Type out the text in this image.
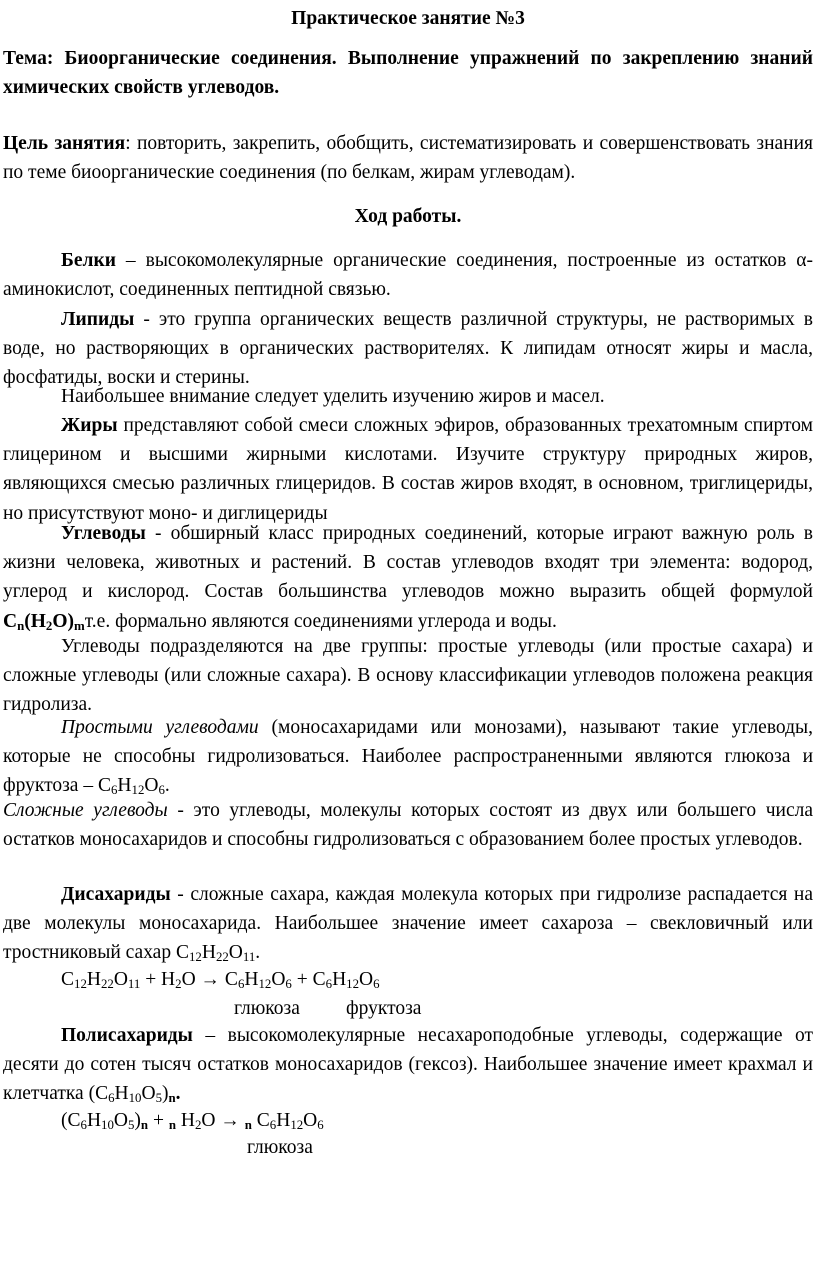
Практическое занятие №3
Тема: Биоорганические соединения. Выполнение упражнений по закреплению знаний химических свойств углеводов.
Цель занятия: повторить, закрепить, обобщить, систематизировать и совершенствовать знания по теме биоорганические соединения (по белкам, жирам углеводам).
Ход работы.
Белки – высокомолекулярные органические соединения, построенные из остатков α-аминокислот, соединенных пептидной связью.
Липиды - это группа органических веществ различной структуры, не растворимых в воде, но растворяющих в органических растворителях. К липидам относят жиры и масла, фосфатиды, воски и стерины.
Наибольшее внимание следует уделить изучению жиров и масел.
Жиры представляют собой смеси сложных эфиров, образованных трехатомным спиртом глицерином и высшими жирными кислотами. Изучите структуру природных жиров, являющихся смесью различных глицеридов. В состав жиров входят, в основном, триглицериды, но присутствуют моно- и диглицериды
Углеводы - обширный класс природных соединений, которые играют важную роль в жизни человека, животных и растений. В состав углеводов входят три элемента: водород, углерод и кислород. Состав большинства углеводов можно выразить общей формулой $C_n(H_2O)_mт.е$. формально являются соединениями углерода и воды.
Углеводы подразделяются на две группы: простые углеводы (или простые сахара) и сложные углеводы (или сложные сахара). В основу классификации углеводов положена реакция гидролиза.
Простыми углеводами (моносахаридами или монозами), называют такие углеводы, которые не способны гидролизоваться. Наиболее распространенными являются глюкоза и фруктоза – $C_6H_{12}O_6$.
Сложные углеводы - это углеводы, молекулы которых состоят из двух или большего числа остатков моносахаридов и способны гидролизоваться с образованием более простых углеводов.
Дисахариды - сложные сахара, каждая молекула которых при гидролизе распадается на две молекулы моносахарида. Наибольшее значение имеет сахароза – свекловичный или тростниковый сахар $C_{12}H_{22}O_{11}$.
$C_{12}H_{22}O_{11} + H_2O \to C_6H_{12}O_6 + C_6H_{12}O_6$
глюкоза фруктоза
Полисахариды – высокомолекулярные несахароподобные углеводы, содержащие от десяти до сотен тысяч остатков моносахаридов (гексоз). Наибольшее значение имеет крахмал и клетчатка $(C_6H_{10}O_5)_n$.
$(C_6H_{10}O_5)_n + _n$ $H_2O \to _n$ $C_6H_{12}O_6$
глюкоза
